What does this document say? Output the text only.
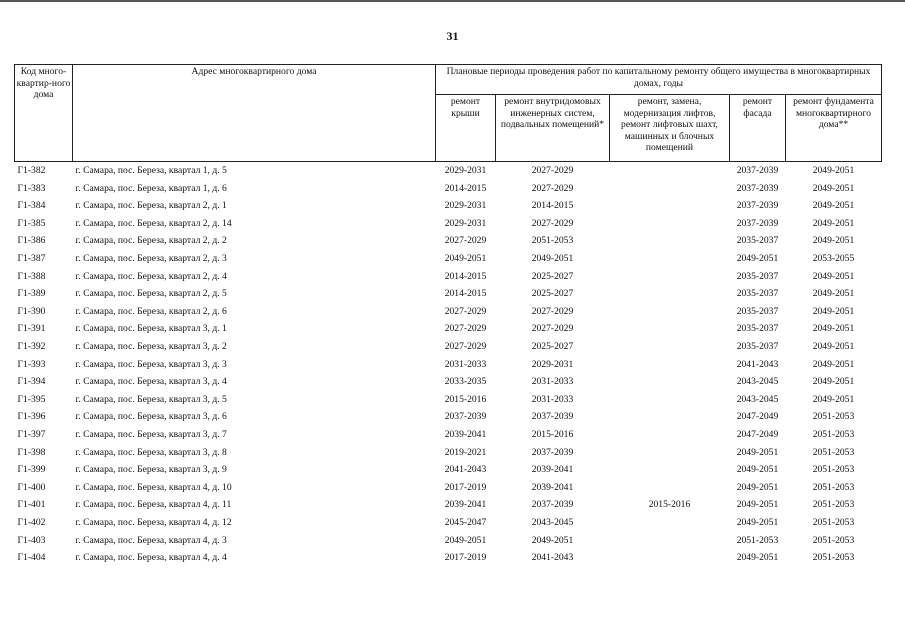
31
Код много-квартир-ного дома	Адрес многоквартирного дома	Плановые периоды проведения работ по капитальному ремонту общего имущества в многоквартирных домах, годы				
		ремонт крыши	ремонт внутридомовых инженерных систем, подвальных помещений*	ремонт, замена, модернизация лифтов, ремонт лифтовых шахт, машинных и блочных помещений	ремонт фасада	ремонт фундамента многоквартирного дома**
Г1-382	г. Самара, пос. Береза, квартал 1, д. 5	2029-2031	2027-2029		2037-2039	2049-2051
Г1-383	г. Самара, пос. Береза, квартал 1, д. 6	2014-2015	2027-2029		2037-2039	2049-2051
Г1-384	г. Самара, пос. Береза, квартал 2, д. 1	2029-2031	2014-2015		2037-2039	2049-2051
Г1-385	г. Самара, пос. Береза, квартал 2, д. 14	2029-2031	2027-2029		2037-2039	2049-2051
Г1-386	г. Самара, пос. Береза, квартал 2, д. 2	2027-2029	2051-2053		2035-2037	2049-2051
Г1-387	г. Самара, пос. Береза, квартал 2, д. 3	2049-2051	2049-2051		2049-2051	2053-2055
Г1-388	г. Самара, пос. Береза, квартал 2, д. 4	2014-2015	2025-2027		2035-2037	2049-2051
Г1-389	г. Самара, пос. Береза, квартал 2, д. 5	2014-2015	2025-2027		2035-2037	2049-2051
Г1-390	г. Самара, пос. Береза, квартал 2, д. 6	2027-2029	2027-2029		2035-2037	2049-2051
Г1-391	г. Самара, пос. Береза, квартал 3, д. 1	2027-2029	2027-2029		2035-2037	2049-2051
Г1-392	г. Самара, пос. Береза, квартал 3, д. 2	2027-2029	2025-2027		2035-2037	2049-2051
Г1-393	г. Самара, пос. Береза, квартал 3, д. 3	2031-2033	2029-2031		2041-2043	2049-2051
Г1-394	г. Самара, пос. Береза, квартал 3, д. 4	2033-2035	2031-2033		2043-2045	2049-2051
Г1-395	г. Самара, пос. Береза, квартал 3, д. 5	2015-2016	2031-2033		2043-2045	2049-2051
Г1-396	г. Самара, пос. Береза, квартал 3, д. 6	2037-2039	2037-2039		2047-2049	2051-2053
Г1-397	г. Самара, пос. Береза, квартал 3, д. 7	2039-2041	2015-2016		2047-2049	2051-2053
Г1-398	г. Самара, пос. Береза, квартал 3, д. 8	2019-2021	2037-2039		2049-2051	2051-2053
Г1-399	г. Самара, пос. Береза, квартал 3, д. 9	2041-2043	2039-2041		2049-2051	2051-2053
Г1-400	г. Самара, пос. Береза, квартал 4, д. 10	2017-2019	2039-2041		2049-2051	2051-2053
Г1-401	г. Самара, пос. Береза, квартал 4, д. 11	2039-2041	2037-2039	2015-2016	2049-2051	2051-2053
Г1-402	г. Самара, пос. Береза, квартал 4, д. 12	2045-2047	2043-2045		2049-2051	2051-2053
Г1-403	г. Самара, пос. Береза, квартал 4, д. 3	2049-2051	2049-2051		2051-2053	2051-2053
Г1-404	г. Самара, пос. Береза, квартал 4, д. 4	2017-2019	2041-2043		2049-2051	2051-2053
